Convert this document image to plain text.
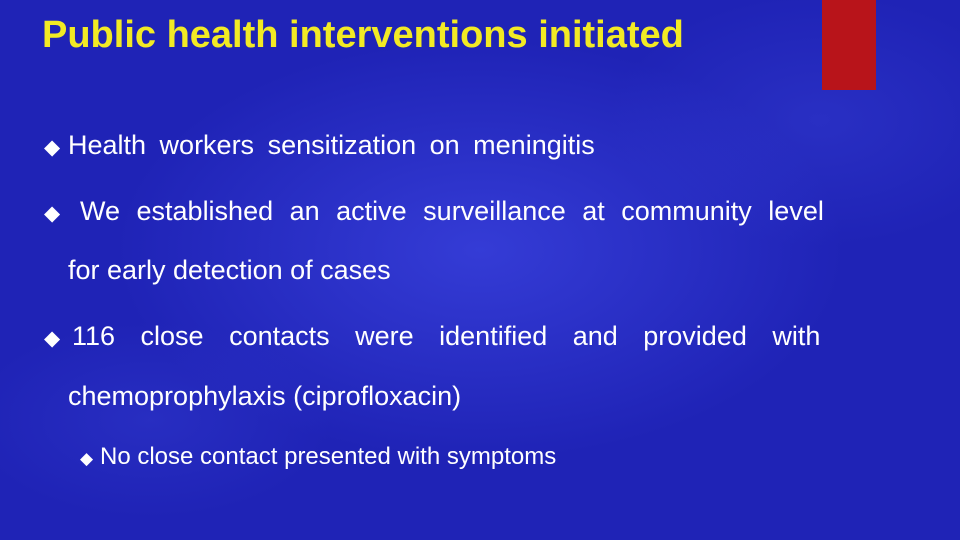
Public health interventions initiated
◆ Health workers sensitization on meningitis
◆ We established an active surveillance at community level
for early detection of cases
◆ 116 close contacts were identified and provided with
chemoprophylaxis (ciprofloxacin)
◆ No close contact presented with symptoms
